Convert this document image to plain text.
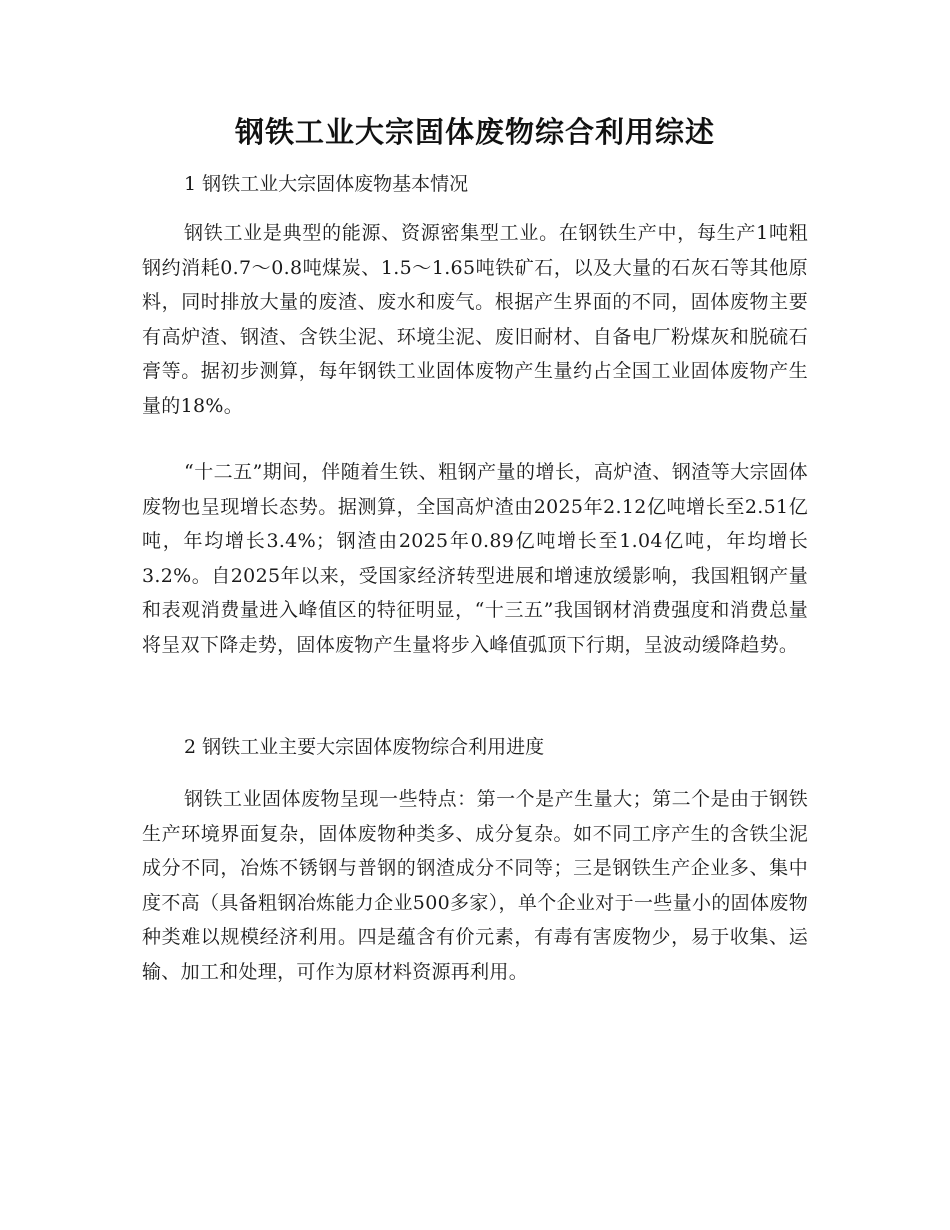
钢铁工业大宗固体废物综合利用综述
1 钢铁工业大宗固体废物基本情况

钢铁工业是典型的能源、资源密集型工业。在钢铁生产中，每生产1吨粗钢约消耗0.7～0.8吨煤炭、1.5～1.65吨铁矿石，以及大量的石灰石等其他原料，同时排放大量的废渣、废水和废气。根据产生界面的不同，固体废物主要有高炉渣、钢渣、含铁尘泥、环境尘泥、废旧耐材、自备电厂粉煤灰和脱硫石膏等。据初步测算，每年钢铁工业固体废物产生量约占全国工业固体废物产生量的18%。

“十二五”期间，伴随着生铁、粗钢产量的增长，高炉渣、钢渣等大宗固体废物也呈现增长态势。据测算，全国高炉渣由2025年2.12亿吨增长至2.51亿吨，年均增长3.4%；钢渣由2025年0.89亿吨增长至1.04亿吨，年均增长3.2%。自2025年以来，受国家经济转型进展和增速放缓影响，我国粗钢产量和表观消费量进入峰值区的特征明显，“十三五”我国钢材消费强度和消费总量将呈双下降走势，固体废物产生量将步入峰值弧顶下行期，呈波动缓降趋势。

2 钢铁工业主要大宗固体废物综合利用进度

钢铁工业固体废物呈现一些特点：第一个是产生量大；第二个是由于钢铁生产环境界面复杂，固体废物种类多、成分复杂。如不同工序产生的含铁尘泥成分不同，冶炼不锈钢与普钢的钢渣成分不同等；三是钢铁生产企业多、集中度不高（具备粗钢冶炼能力企业500多家），单个企业对于一些量小的固体废物种类难以规模经济利用。四是蕴含有价元素，有毒有害废物少，易于收集、运输、加工和处理，可作为原材料资源再利用。
